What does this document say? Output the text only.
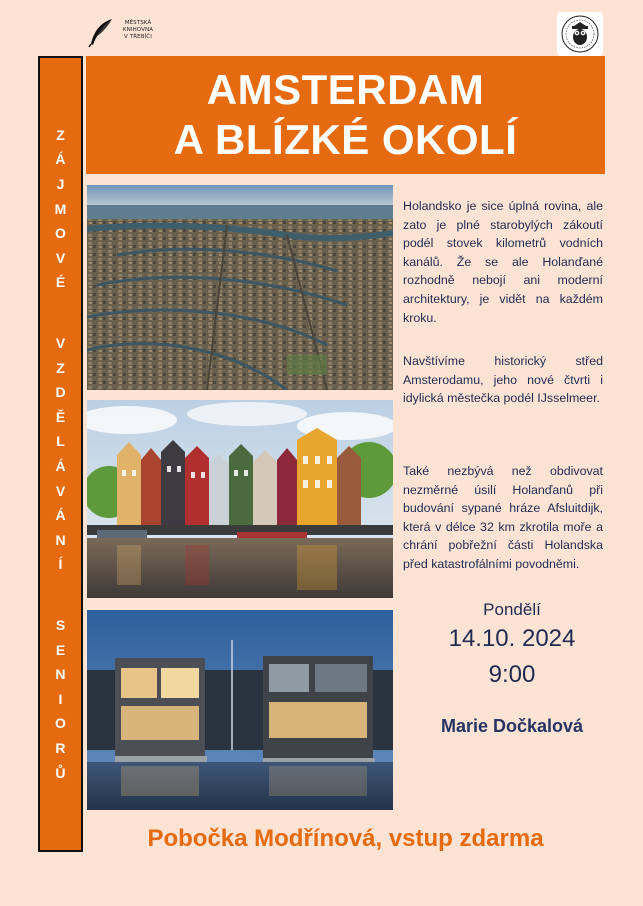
MĚSTSKÁ
KNIHOVNA
V TŘEBÍČI
Z
Á
J
M
O
V
É
V
Z
D
Ě
L
Á
V
Á
N
Í
S
E
N
I
O
R
Ů
AMSTERDAM
A BLÍZKÉ OKOLÍ
Holandsko je sice úplná rovina, ale zato je plné starobylých zákoutí podél stovek kilometrů vodních kanálů. Že se ale Holanďané rozhodně nebojí ani moderní architektury, je vidět na každém kroku.
Navštívíme historický střed Amsterodamu, jeho nové čtvrti i idylická městečka podél IJsselmeer.
Také nezbývá než obdivovat nezměrné úsilí Holanďanů při budování sypané hráze Afsluitdijk, která v délce 32 km zkrotila moře a chrání pobřežní části Holandska před katastrofálními povodněmi.
Pondělí
14.10. 2024
9:00
Marie Dočkalová
Pobočka Modřínová, vstup zdarma
